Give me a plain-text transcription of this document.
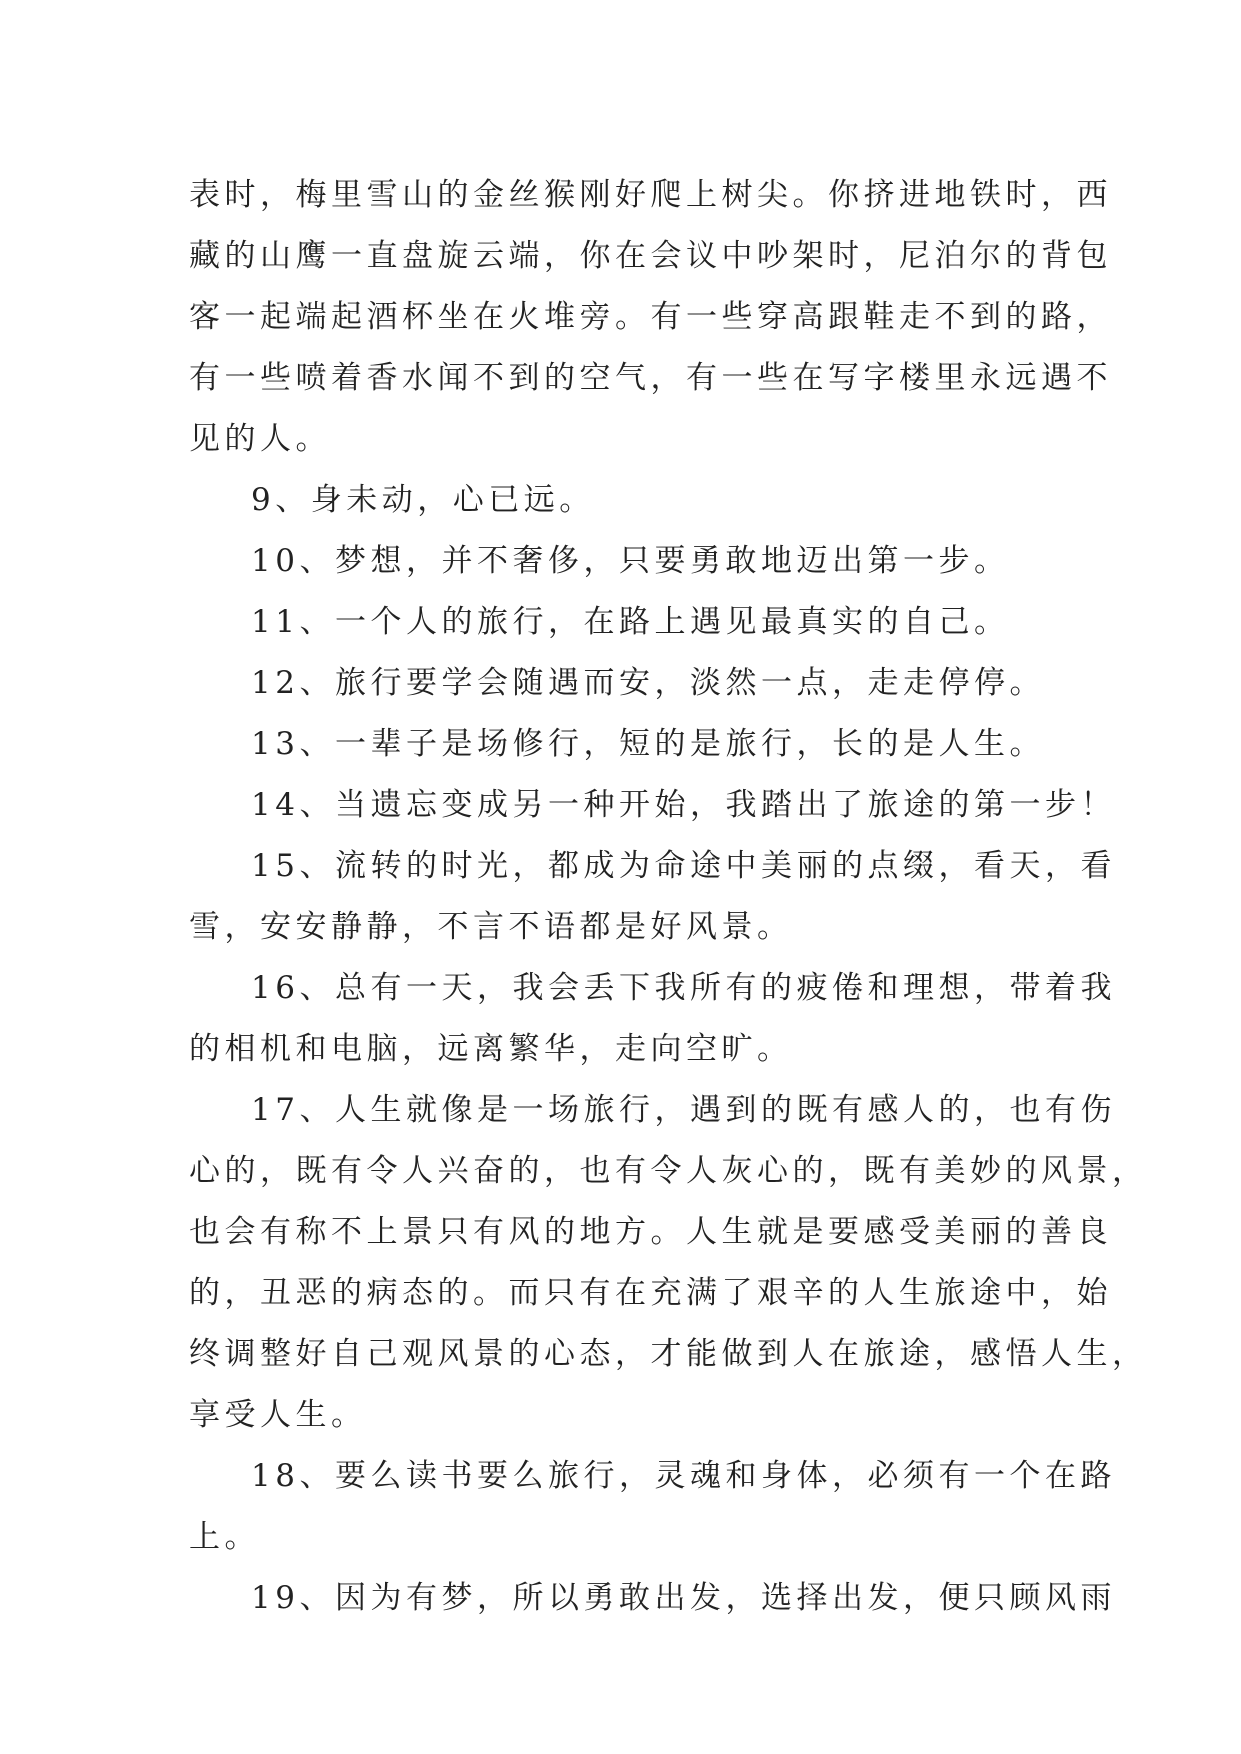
表时，梅里雪山的金丝猴刚好爬上树尖。你挤进地铁时，西
藏的山鹰一直盘旋云端，你在会议中吵架时，尼泊尔的背包
客一起端起酒杯坐在火堆旁。有一些穿高跟鞋走不到的路，
有一些喷着香水闻不到的空气，有一些在写字楼里永远遇不
见的人。
9、身未动，心已远。
10、梦想，并不奢侈，只要勇敢地迈出第一步。
11、一个人的旅行，在路上遇见最真实的自己。
12、旅行要学会随遇而安，淡然一点，走走停停。
13、一辈子是场修行，短的是旅行，长的是人生。
14、当遗忘变成另一种开始，我踏出了旅途的第一步！
15、流转的时光，都成为命途中美丽的点缀，看天，看
雪，安安静静，不言不语都是好风景。
16、总有一天，我会丢下我所有的疲倦和理想，带着我
的相机和电脑，远离繁华，走向空旷。
17、人生就像是一场旅行，遇到的既有感人的，也有伤
心的，既有令人兴奋的，也有令人灰心的，既有美妙的风景，
也会有称不上景只有风的地方。人生就是要感受美丽的善良
的，丑恶的病态的。而只有在充满了艰辛的人生旅途中，始
终调整好自己观风景的心态，才能做到人在旅途，感悟人生，
享受人生。
18、要么读书要么旅行，灵魂和身体，必须有一个在路
上。
19、因为有梦，所以勇敢出发，选择出发，便只顾风雨
